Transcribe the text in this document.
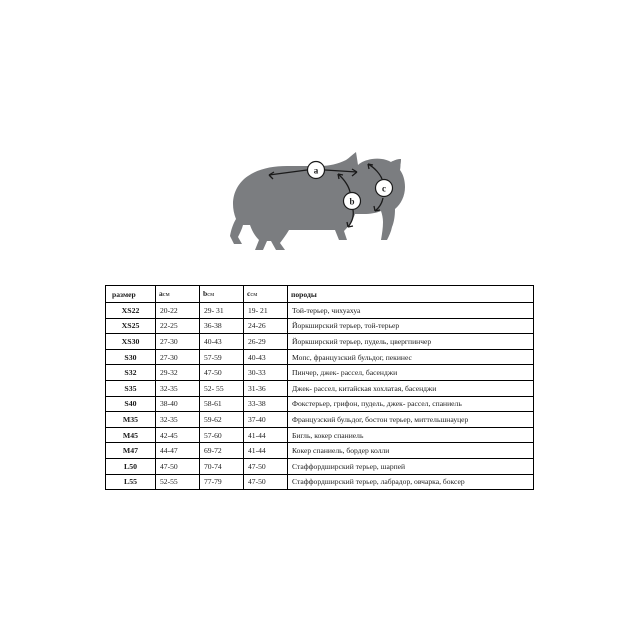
a
b
c
размер	aсм	bсм	cсм	породы
XS22	20-22	29- 31	19- 21	Той-терьер, чихуахуа
XS25	22-25	36-38	24-26	Йоркширский терьер, той-терьер
XS30	27-30	40-43	26-29	Йоркширский терьер, пудель, цвергпинчер
S30	27-30	57-59	40-43	Мопс, французский бульдог, пекинес
S32	29-32	47-50	30-33	Пинчер, джек- рассел, басенджи
S35	32-35	52- 55	31-36	Джек- рассел, китайская хохлатая, басенджи
S40	38-40	58-61	33-38	Фокстерьер, грифон, пудель, джек- рассел, спаниель
M35	32-35	59-62	37-40	Французский бульдог, бостон терьер, миттельшнауцер
M45	42-45	57-60	41-44	Бигль, кокер спаниель
M47	44-47	69-72	41-44	Кокер спаниель, бордер колли
L50	47-50	70-74	47-50	Стаффордширский терьер, шарпей
L55	52-55	77-79	47-50	Стаффордширский терьер, лабрадор, овчарка, боксер
